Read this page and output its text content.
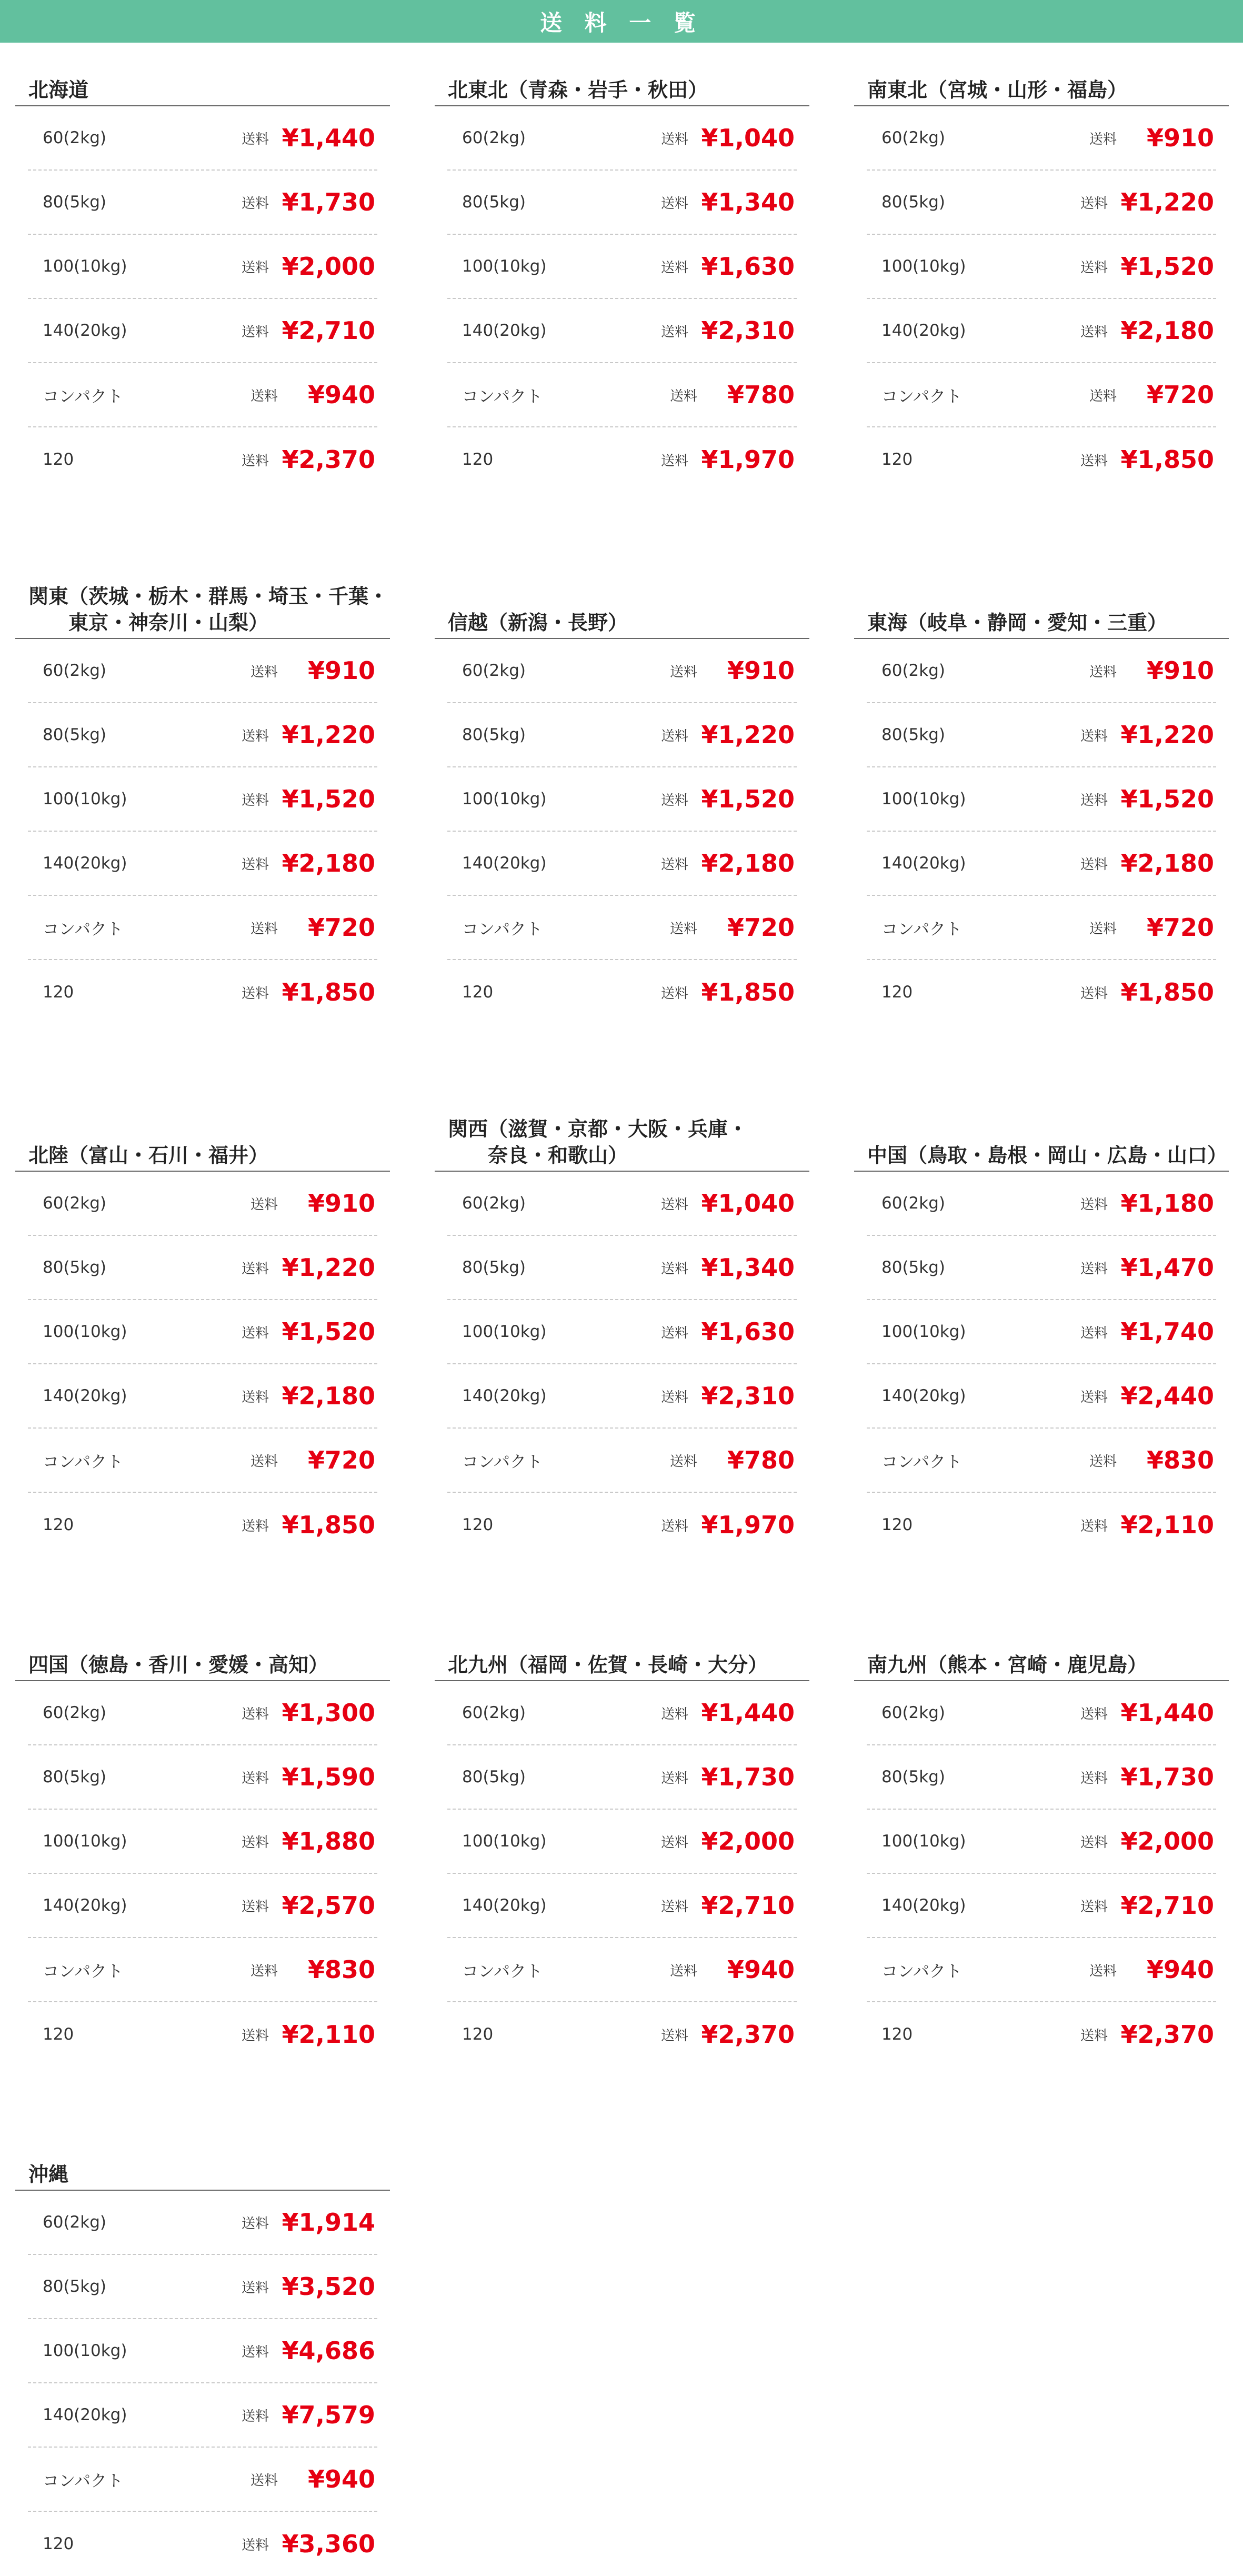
送 料 一 覧
北海道
60(2kg)	送料 ¥1,440
80(5kg)	送料 ¥1,730
100(10kg)	送料 ¥2,000
140(20kg)	送料 ¥2,710
コンパクト	送料	¥940
120	送料 ¥2,370
北東北（青森・岩手・秋田）
60(2kg)	送料 ¥1,040
80(5kg)	送料 ¥1,340
100(10kg)	送料 ¥1,630
140(20kg)	送料 ¥2,310
コンパクト	送料	¥780
120	送料 ¥1,970
南東北（宮城・山形・福島）
60(2kg)	送料	¥910
80(5kg)	送料 ¥1,220
100(10kg)	送料 ¥1,520
140(20kg)	送料 ¥2,180
コンパクト	送料	¥720
120	送料 ¥1,850
関東（茨城・栃木・群馬・埼玉・千葉・
　　東京・神奈川・山梨）
60(2kg)	送料	¥910
80(5kg)	送料 ¥1,220
100(10kg)	送料 ¥1,520
140(20kg)	送料 ¥2,180
コンパクト	送料	¥720
120	送料 ¥1,850
信越（新潟・長野）
60(2kg)	送料	¥910
80(5kg)	送料 ¥1,220
100(10kg)	送料 ¥1,520
140(20kg)	送料 ¥2,180
コンパクト	送料	¥720
120	送料 ¥1,850
東海（岐阜・静岡・愛知・三重）
60(2kg)	送料	¥910
80(5kg)	送料 ¥1,220
100(10kg)	送料 ¥1,520
140(20kg)	送料 ¥2,180
コンパクト	送料	¥720
120	送料 ¥1,850
北陸（富山・石川・福井）
60(2kg)	送料	¥910
80(5kg)	送料 ¥1,220
100(10kg)	送料 ¥1,520
140(20kg)	送料 ¥2,180
コンパクト	送料	¥720
120	送料 ¥1,850
関西（滋賀・京都・大阪・兵庫・
　　奈良・和歌山）
60(2kg)	送料 ¥1,040
80(5kg)	送料 ¥1,340
100(10kg)	送料 ¥1,630
140(20kg)	送料 ¥2,310
コンパクト	送料	¥780
120	送料 ¥1,970
中国（鳥取・島根・岡山・広島・山口）
60(2kg)	送料 ¥1,180
80(5kg)	送料 ¥1,470
100(10kg)	送料 ¥1,740
140(20kg)	送料 ¥2,440
コンパクト	送料	¥830
120	送料 ¥2,110
四国（徳島・香川・愛媛・高知）
60(2kg)	送料 ¥1,300
80(5kg)	送料 ¥1,590
100(10kg)	送料 ¥1,880
140(20kg)	送料 ¥2,570
コンパクト	送料	¥830
120	送料 ¥2,110
北九州（福岡・佐賀・長崎・大分）
60(2kg)	送料 ¥1,440
80(5kg)	送料 ¥1,730
100(10kg)	送料 ¥2,000
140(20kg)	送料 ¥2,710
コンパクト	送料	¥940
120	送料 ¥2,370
南九州（熊本・宮崎・鹿児島）
60(2kg)	送料 ¥1,440
80(5kg)	送料 ¥1,730
100(10kg)	送料 ¥2,000
140(20kg)	送料 ¥2,710
コンパクト	送料	¥940
120	送料 ¥2,370
沖縄
60(2kg)	送料 ¥1,914
80(5kg)	送料 ¥3,520
100(10kg)	送料 ¥4,686
140(20kg)	送料 ¥7,579
コンパクト	送料	¥940
120	送料 ¥3,360
